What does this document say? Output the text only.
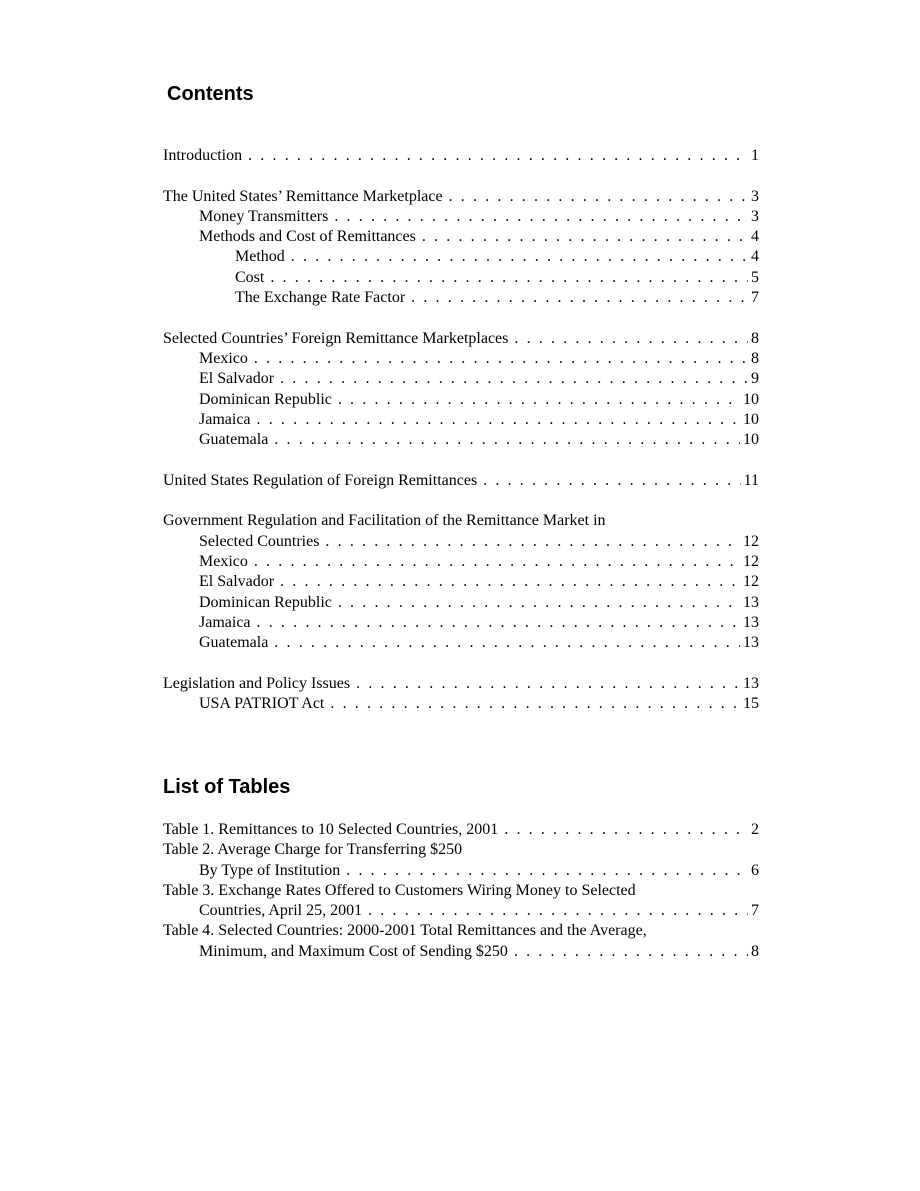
Contents
Introduction . . .	1
The United States’ Remittance Marketplace . . .	3
Money Transmitters . . .	3
Methods and Cost of Remittances . . .	4
Method . . .	4
Cost . . .	5
The Exchange Rate Factor . . .	7
Selected Countries’ Foreign Remittance Marketplaces . . .	8
Mexico . . .	8
El Salvador . . .	9
Dominican Republic . . .	10
Jamaica . . .	10
Guatemala . . .	10
United States Regulation of Foreign Remittances . . .	11
Government Regulation and Facilitation of the Remittance Market in
Selected Countries . . .	12
Mexico . . .	12
El Salvador . . .	12
Dominican Republic . . .	13
Jamaica . . .	13
Guatemala . . .	13
Legislation and Policy Issues . . .	13
USA PATRIOT Act . . .	15
List of Tables
Table 1. Remittances to 10 Selected Countries, 2001 . . .	2
Table 2. Average Charge for Transferring $250
By Type of Institution . . .	6
Table 3. Exchange Rates Offered to Customers Wiring Money to Selected
Countries, April 25, 2001 . . .	7
Table 4. Selected Countries: 2000-2001 Total Remittances and the Average,
Minimum, and Maximum Cost of Sending $250 . . .	8
